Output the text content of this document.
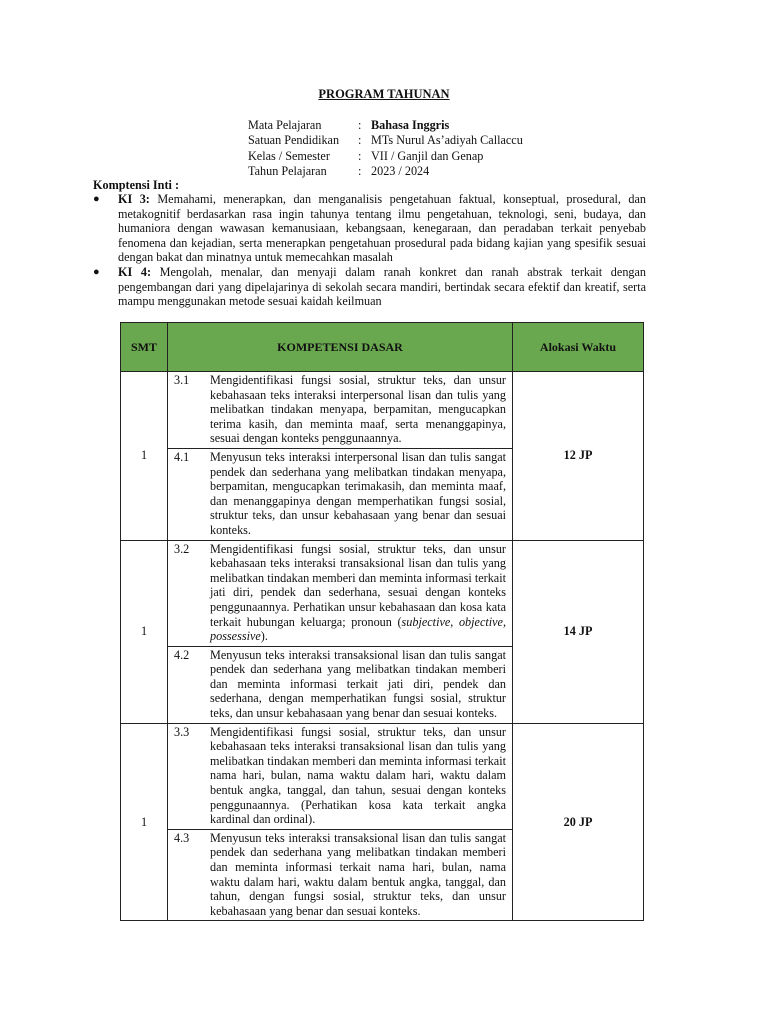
PROGRAM TAHUNAN
Mata Pelajaran	:	Bahasa Inggris
Satuan Pendidikan	:	MTs Nurul As’adiyah Callaccu
Kelas / Semester	:	VII / Ganjil dan Genap
Tahun Pelajaran	:	2023 / 2024
Komptensi Inti :
● KI 3: Memahami, menerapkan, dan menganalisis pengetahuan faktual, konseptual, prosedural, dan metakognitif berdasarkan rasa ingin tahunya tentang ilmu pengetahuan, teknologi, seni, budaya, dan humaniora dengan wawasan kemanusiaan, kebangsaan, kenegaraan, dan peradaban terkait penyebab fenomena dan kejadian, serta menerapkan pengetahuan prosedural pada bidang kajian yang spesifik sesuai dengan bakat dan minatnya untuk memecahkan masalah
● KI 4: Mengolah, menalar, dan menyaji dalam ranah konkret dan ranah abstrak terkait dengan pengembangan dari yang dipelajarinya di sekolah secara mandiri, bertindak secara efektif dan kreatif, serta mampu menggunakan metode sesuai kaidah keilmuan
SMT	KOMPETENSI DASAR	Alokasi Waktu
1	3.1 Mengidentifikasi fungsi sosial, struktur teks, dan unsur kebahasaan teks interaksi interpersonal lisan dan tulis yang melibatkan tindakan menyapa, berpamitan, mengucapkan terima kasih, dan meminta maaf, serta menanggapinya, sesuai dengan konteks penggunaannya.
4.1 Menyusun teks interaksi interpersonal lisan dan tulis sangat pendek dan sederhana yang melibatkan tindakan menyapa, berpamitan, mengucapkan terimakasih, dan meminta maaf, dan menanggapinya dengan memperhatikan fungsi sosial, struktur teks, dan unsur kebahasaan yang benar dan sesuai konteks.	12 JP
1	3.2 Mengidentifikasi fungsi sosial, struktur teks, dan unsur kebahasaan teks interaksi transaksional lisan dan tulis yang melibatkan tindakan memberi dan meminta informasi terkait jati diri, pendek dan sederhana, sesuai dengan konteks penggunaannya. Perhatikan unsur kebahasaan dan kosa kata terkait hubungan keluarga; pronoun (subjective, objective, possessive).
4.2 Menyusun teks interaksi transaksional lisan dan tulis sangat pendek dan sederhana yang melibatkan tindakan memberi dan meminta informasi terkait jati diri, pendek dan sederhana, dengan memperhatikan fungsi sosial, struktur teks, dan unsur kebahasaan yang benar dan sesuai konteks.	14 JP
1	3.3 Mengidentifikasi fungsi sosial, struktur teks, dan unsur kebahasaan teks interaksi transaksional lisan dan tulis yang melibatkan tindakan memberi dan meminta informasi terkait nama hari, bulan, nama waktu dalam hari, waktu dalam bentuk angka, tanggal, dan tahun, sesuai dengan konteks penggunaannya. (Perhatikan kosa kata terkait angka kardinal dan ordinal).
4.3 Menyusun teks interaksi transaksional lisan dan tulis sangat pendek dan sederhana yang melibatkan tindakan memberi dan meminta informasi terkait nama hari, bulan, nama waktu dalam hari, waktu dalam bentuk angka, tanggal, dan tahun, dengan fungsi sosial, struktur teks, dan unsur kebahasaan yang benar dan sesuai konteks.	20 JP
